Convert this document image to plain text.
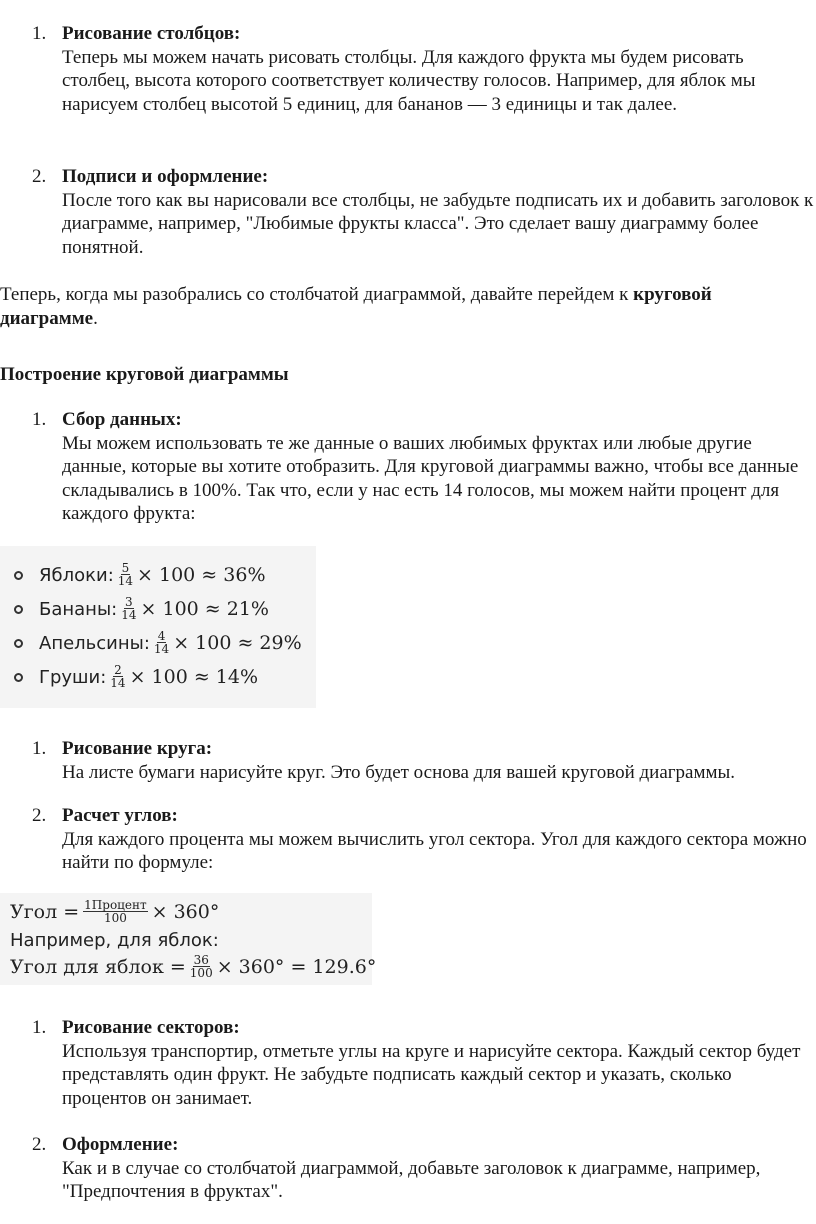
1. Рисование столбцов:
Теперь мы можем начать рисовать столбцы. Для каждого фрукта мы будем рисовать столбец, высота которого соответствует количеству голосов. Например, для яблок мы нарисуем столбец высотой 5 единиц, для бананов — 3 единицы и так далее.
2. Подписи и оформление:
После того как вы нарисовали все столбцы, не забудьте подписать их и добавить заголовок к диаграмме, например, "Любимые фрукты класса". Это сделает вашу диаграмму более понятной.
Теперь, когда мы разобрались со столбчатой диаграммой, давайте перейдем к круговой диаграмме.
Построение круговой диаграммы
1. Сбор данных:
Мы можем использовать те же данные о ваших любимых фруктах или любые другие данные, которые вы хотите отобразить. Для круговой диаграммы важно, чтобы все данные складывались в 100%. Так что, если у нас есть 14 голосов, мы можем найти процент для каждого фрукта:
Яблоки: $\frac{5}{14} \times 100 \approx 36\%$
Бананы: $\frac{3}{14} \times 100 \approx 21\%$
Апельсины: $\frac{4}{14} \times 100 \approx 29\%$
Груши: $\frac{2}{14} \times 100 \approx 14\%$
1. Рисование круга:
На листе бумаги нарисуйте круг. Это будет основа для вашей круговой диаграммы.
2. Расчет углов:
Для каждого процента мы можем вычислить угол сектора. Угол для каждого сектора можно найти по формуле:
Угол = $\frac{\text{1Процент}}{100} \times 360^\circ$
Например, для яблок:
Угол для яблок = $\frac{36}{100} \times 360^\circ = 129.6^\circ$
1. Рисование секторов:
Используя транспортир, отметьте углы на круге и нарисуйте сектора. Каждый сектор будет представлять один фрукт. Не забудьте подписать каждый сектор и указать, сколько процентов он занимает.
2. Оформление:
Как и в случае со столбчатой диаграммой, добавьте заголовок к диаграмме, например, "Предпочтения в фруктах".
